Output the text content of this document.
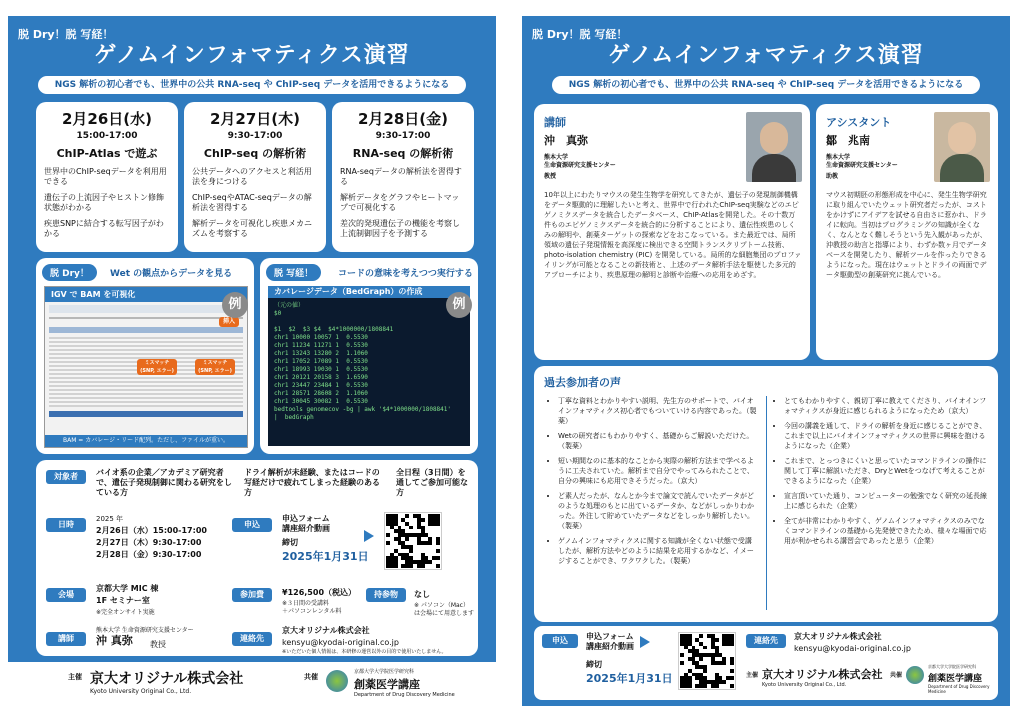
脱 Dry！脱 写経！
ゲノムインフォマティクス演習
NGS 解析の初心者でも、世界中の公共 RNA-seq や ChIP-seq データを活用できるようになる
2月26日(水)
15:00-17:00
ChIP-Atlas で遊ぶ
世界中のChIP-seqデータを利用用できる
遺伝子の上流因子やヒストン修飾状態がわかる
疾患SNPに結合する転写因子がわかる
2月27日(木)
9:30-17:00
ChIP-seq の解析術
公共データへのアクセスと利活用法を身につける
ChIP-seqやATAC-seqデータの解析法を習得する
解析データを可視化し疾患メカニズムを考察する
2月28日(金)
9:30-17:00
RNA-seq の解析術
RNA-seqデータの解析法を習得する
解析データをグラフやヒートマップで可視化する
差次的発現遺伝子の機能を考察し上流制御因子を予測する
脱 Dry！	Wet の観点からデータを見る
IGV で BAM を可視化
挿入
ミスマッチ
(SNP, エラー)
ミスマッチ
(SNP, エラー)
BAM = カバレージ・リード配列。ただし、ファイルが重い。
例
脱 写経！	コードの意味を考えつつ実行する
カバレージデータ（BedGraph）の作成
（元の値）
$0

$1  $2  $3 $4  $4*1000000/1808841
chr1 10000 10057 1  0.5530
chr1 11234 11271 1  0.5530
chr1 13243 13280 2  1.1060
chr1 17052 17089 1  0.5530
chr1 18993 19030 1  0.5530
chr1 20121 20158 3  1.6590
chr1 23447 23484 1  0.5530
chr1 28571 28608 2  1.1060
chr1 30045 30082 1  0.5530
bedtools genomecov -bg | awk '$4*1000000/1808841'
|  bedGraph
例
対象者	バイオ系の企業／アカデミア研究者で、遺伝子発現制御に関わる研究をしている方
ドライ解析が未経験、またはコードの写経だけで疲れてしまった経験のある方
全日程（3日間）を通してご参加可能な方
日時
2025 年
2月26日（水）15:00-17:00
2月27日（木）9:30-17:00
2月28日（金）9:30-17:00
申込
申込フォーム
講座紹介動画
締切
2025年1月31日
会場
京都大学 MIC 棟
1F セミナー室
※完全オンサイト実施
参加費	¥126,500（税込）
※３日間の受講料
＋パソコンレンタル料
持参物	なし
※ パソコン（Mac）は会場にて用意します
講師
熊本大学 生命資源研究支援センター
沖 真弥 教授
連絡先
京大オリジナル株式会社
kensyu@kyodai-original.co.jp
※いただいた個人情報は、本研修の運営以外の目的で使用いたしません。
主催 京大オリジナル株式会社
Kyoto University Original Co., Ltd.
共催
京都大学大学院医学研究科
創薬医学講座
Department of Drug Discovery Medicine
脱 Dry！脱 写経！
ゲノムインフォマティクス演習
NGS 解析の初心者でも、世界中の公共 RNA-seq や ChIP-seq データを活用できるようになる
講師
沖　真弥
熊本大学
生命資源研究支援センター
教授
10年以上にわたりマウスの発生生物学を研究してきたが、遺伝子の発現制御機構をデータ駆動的に理解したいと考え、世界中で行われたChIP-seq実験などのエピゲノミクスデータを統合したデータベース、ChIP-Atlasを開発した。その十数万件ものエピゲノミクスデータを統合的に分析することにより、遺伝性疾患のしくみの解明や、創薬ターゲットの探索などをおこなっている。また最近では、局所領域の遺伝子発現情報を高深度に検出できる空間トランスクリプトーム技術、photo-isolation chemistry (PIC) を開発している。局所的な細胞集団のプロファイリングが可能となることの新技術と、上述のデータ解析手法を駆使した多元的アプローチにより、疾患原理の解明と診断や治療への応用をめざす。
アシスタント
鄒　兆南
熊本大学
生命資源研究支援センター
助教
マウス初期胚の形態形成を中心に、発生生物学研究に取り組んでいたウェット研究者だったが、コストをかけずにアイデアを試せる自由さに惹かれ、ドライに転向。当初はプログラミングの知識が全くなく、なんとなく難しそうという先入観があったが、沖教授の助言と指導により、わずか数ヶ月でデータベースを開発したり、解析ツールを作ったりできるようになった。現在はウェットとドライの両面でデータ駆動型の創薬研究に挑んでいる。
過去参加者の声
• 丁寧な資料とわかりやすい説明、先生方のサポートで、バイオインフォマティクス初心者でもついていける内容であった。（製薬）
• Wetの研究者にもわかりやすく、基礎からご解説いただけた。（製薬）
• 短い期間なのに基本的なことから実際の解析方法まで学べるように工夫されていた。解析まで自分でやってみられたことで、自分の興味にも応用できそうだった。（京大）
• ど素人だったが、なんとか今まで論文で読んでいたデータがどのような処理のもとに出ているデータか、などがしっかりわかった。外注して貯めていたデータなどをしっかり解析したい。（製薬）
• ゲノムインフォマティクスに関する知識が全くない状態で受講したが、解析方法やどのように結果を応用するかなど、イメージすることができ、ワクワクした。（製薬）
• とてもわかりやすく、親切丁寧に教えてくださり、バイオインフォマティクスが身近に感じられるようになったため（京大）
• 今回の講義を通して、ドライの解析を身近に感じることができ、これまで以上にバイオインフォマティクスの世界に興味を抱けるようになった（企業）
• これまで、とっつきにくいと思っていたコマンドラインの操作に関して丁寧に解説いただき、DryとWetをつなげて考えることができるようになった（企業）
• 宣言頂いていた通り、コンピューターの勉強でなく研究の延長線上に感じられた（企業）
• 全てが非常にわかりやすく、ゲノムインフォマティクスのみでなくコマンドラインの基礎から先発使できたため、様々な場面で応用が利かせられる講習会であったと思う（企業）
申込	申込フォーム
講座紹介動画
締切
2025年1月31日
連絡先	京大オリジナル株式会社
kensyu@kyodai-original.co.jp
主催 京大オリジナル株式会社
Kyoto University Original Co., Ltd.
共催
京都大学大学院医学研究科
創薬医学講座
Department of Drug Discovery Medicine
